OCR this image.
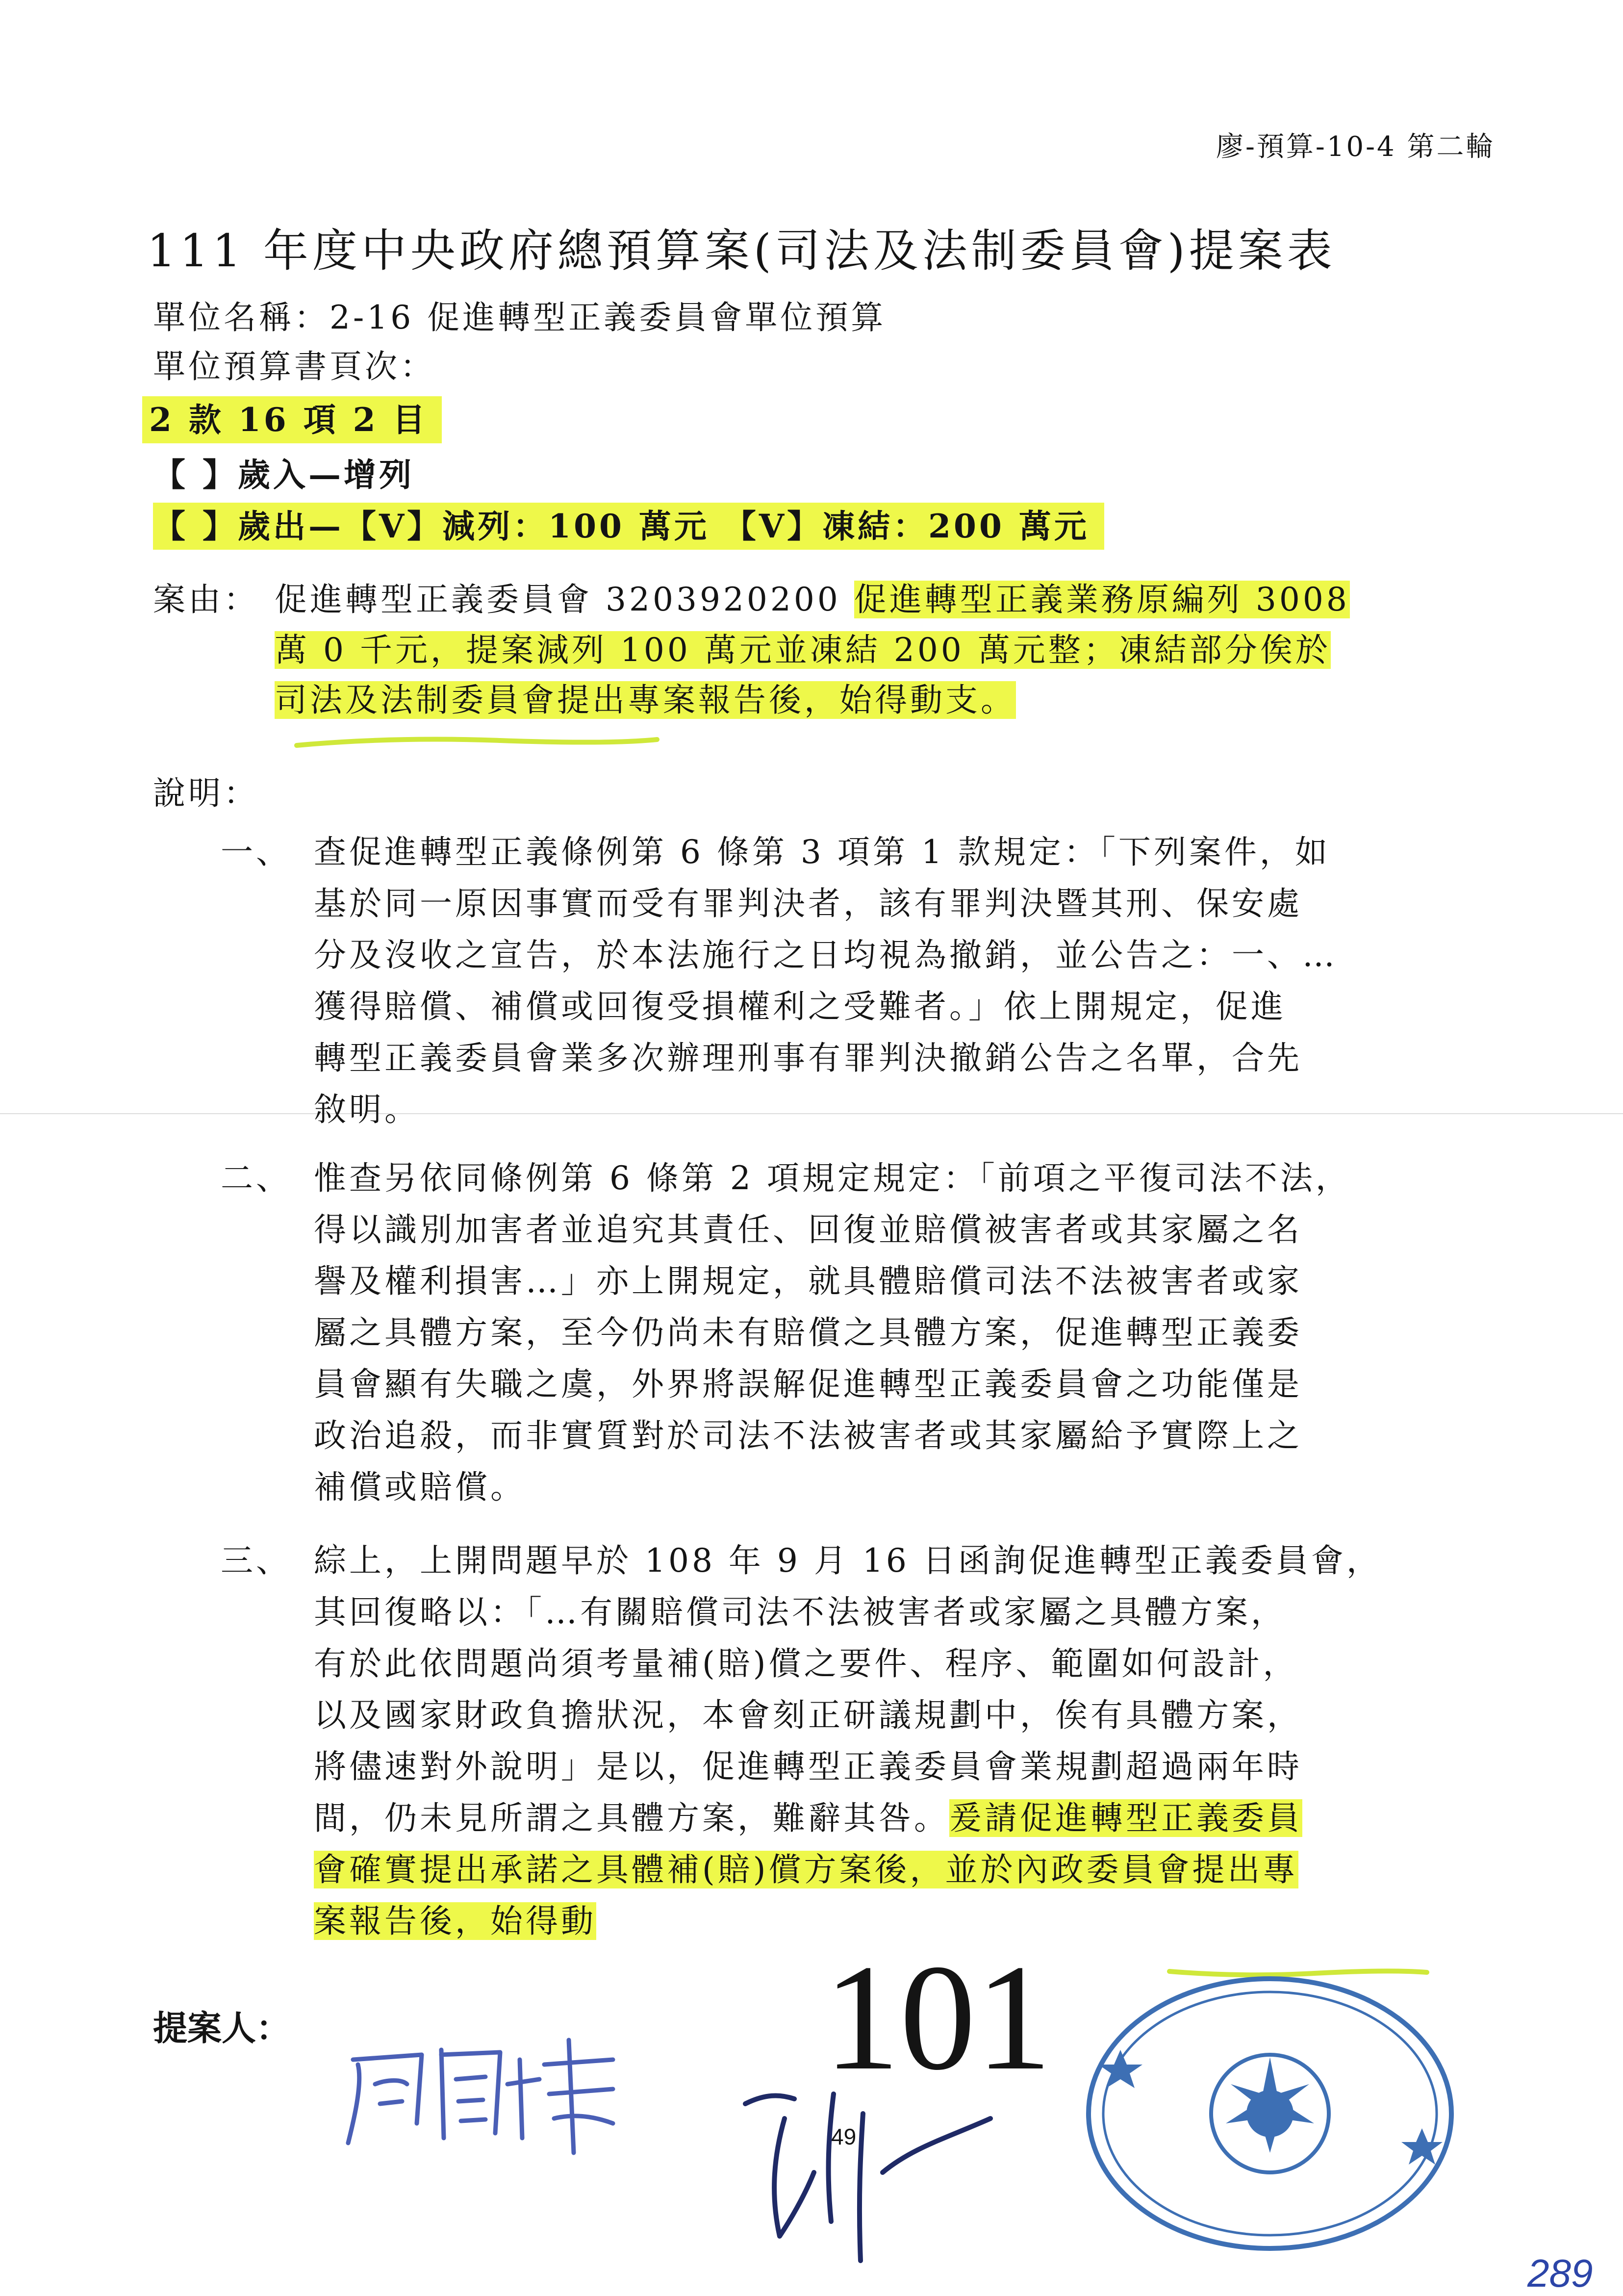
廖-預算-10-4 第二輪
111 年度中央政府總預算案(司法及法制委員會)提案表
單位名稱：2-16 促進轉型正義委員會單位預算
單位預算書頁次：
2 款 16 項 2 目
【 】歲入—增列
【 】歲出—【V】減列：100 萬元 【V】凍結：200 萬元
案由： 促進轉型正義委員會 3203920200 促進轉型正義業務原編列 3008
萬 0 千元，提案減列 100 萬元並凍結 200 萬元整；凍結部分俟於
司法及法制委員會提出專案報告後，始得動支。
說明：
一、 查促進轉型正義條例第 6 條第 3 項第 1 款規定：「下列案件，如
基於同一原因事實而受有罪判決者，該有罪判決暨其刑、保安處
分及沒收之宣告，於本法施行之日均視為撤銷，並公告之：一、…
獲得賠償、補償或回復受損權利之受難者。」依上開規定，促進
轉型正義委員會業多次辦理刑事有罪判決撤銷公告之名單，合先
敘明。
二、 惟查另依同條例第 6 條第 2 項規定規定：「前項之平復司法不法，
得以識別加害者並追究其責任、回復並賠償被害者或其家屬之名
譽及權利損害…」亦上開規定，就具體賠償司法不法被害者或家
屬之具體方案，至今仍尚未有賠償之具體方案，促進轉型正義委
員會顯有失職之虞，外界將誤解促進轉型正義委員會之功能僅是
政治追殺，而非實質對於司法不法被害者或其家屬給予實際上之
補償或賠償。
三、 綜上，上開問題早於 108 年 9 月 16 日函詢促進轉型正義委員會，
其回復略以：「…有關賠償司法不法被害者或家屬之具體方案，
有於此依問題尚須考量補(賠)償之要件、程序、範圍如何設計，
以及國家財政負擔狀況，本會刻正研議規劃中，俟有具體方案，
將儘速對外說明」是以，促進轉型正義委員會業規劃超過兩年時
間，仍未見所謂之具體方案，難辭其咎。爰請促進轉型正義委員
會確實提出承諾之具體補(賠)償方案後，並於內政委員會提出專
案報告後，始得動
提案人：	101
49
289
